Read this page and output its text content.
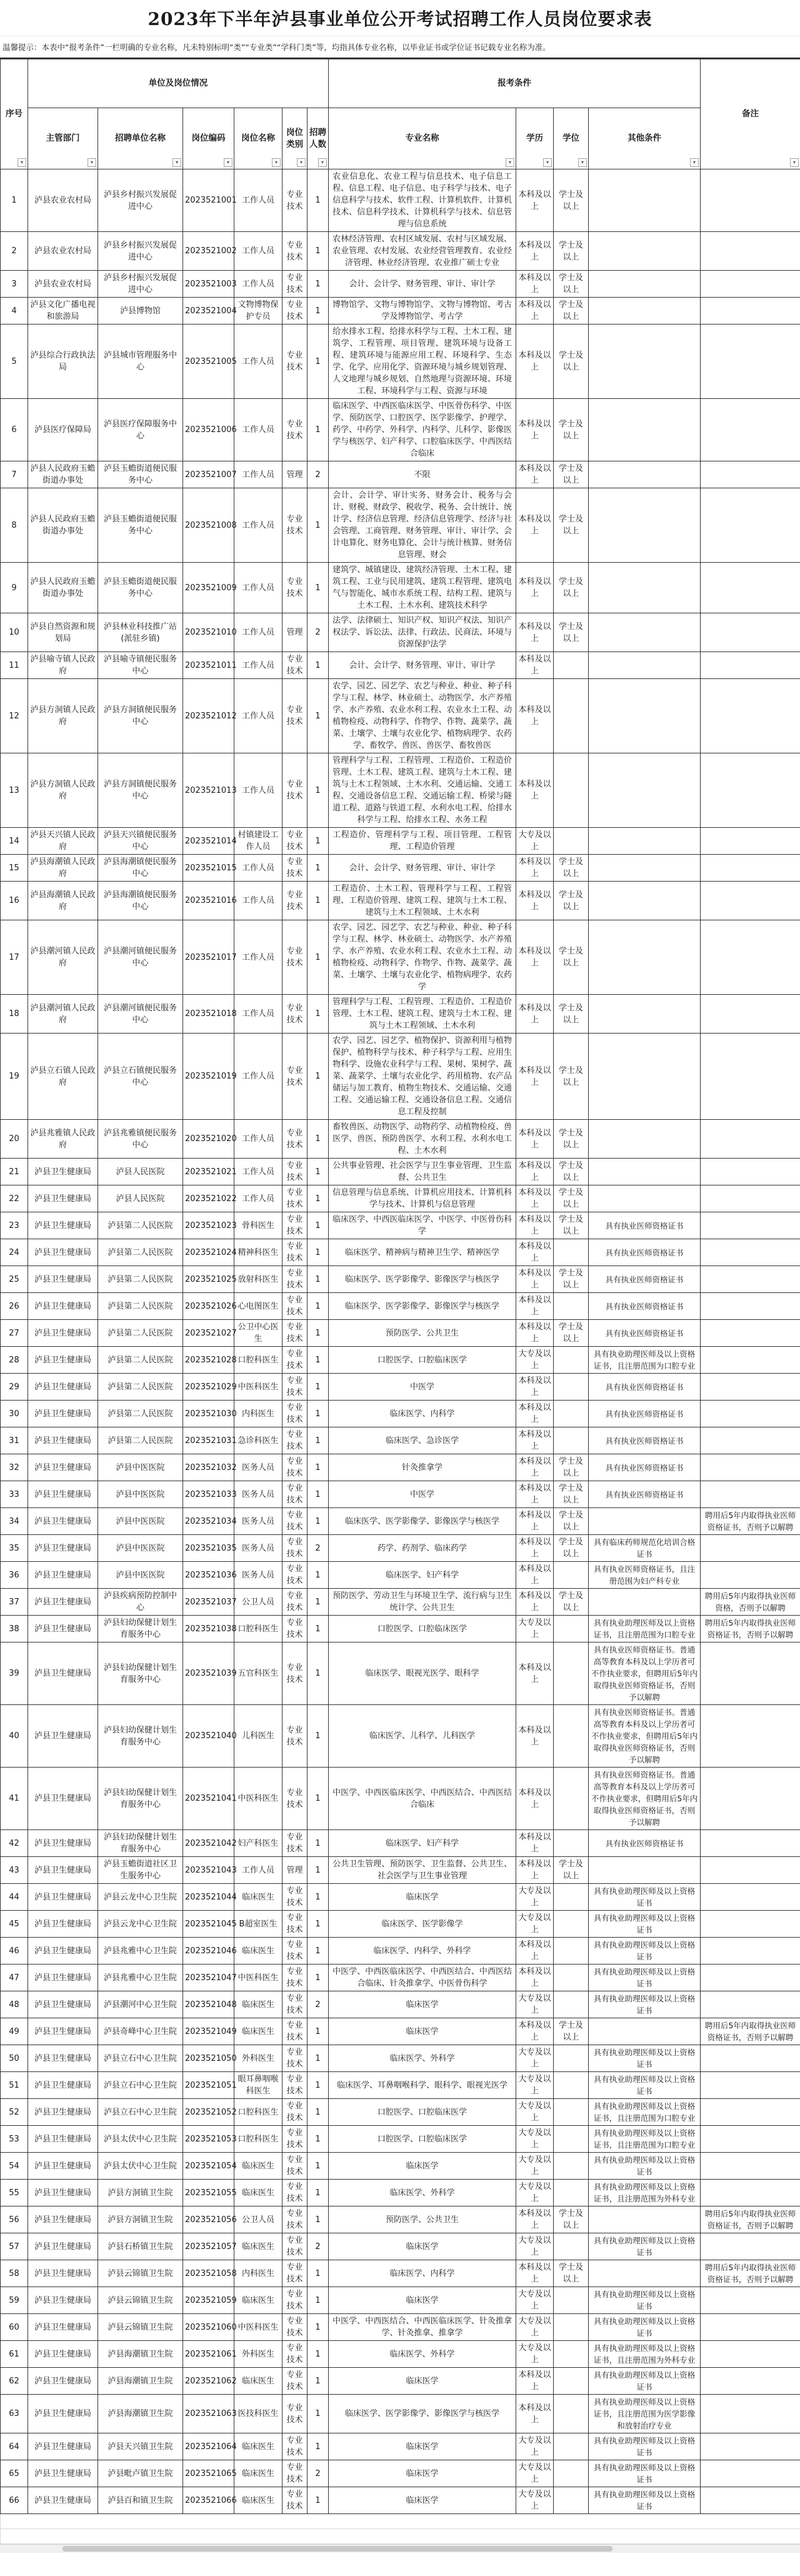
2023年下半年泸县事业单位公开考试招聘工作人员岗位要求表
温馨提示：本表中“报考条件”一栏明确的专业名称，凡未特别标明“类”“专业类”“学科门类”等，均指具体专业名称，以毕业证书或学位证书记载专业名称为准。
序号
▾	单位及岗位情况						报考条件				备注
▾

	主管部门
▾	招聘单位名称
▾	岗位编码
▾	岗位名称
▾	岗位类别
▾	招聘人数
▾	专业名称
▾	学历
▾	学位
▾	其他条件
▾	

1	泸县农业农村局	泸县乡村振兴发展促进中心	2023521001	工作人员	专业技术	1	农业信息化、农业工程与信息技术、电子信息工程、信息工程、电子信息、电子科学与技术、电子信息科学与技术、软件工程、计算机软件、计算机技术、信息科学技术、计算机科学与技术、信息管理与信息系统	本科及以上	学士及以上		
2	泸县农业农村局	泸县乡村振兴发展促进中心	2023521002	工作人员	专业技术	1	农林经济管理、农村区域发展、农村与区域发展、农业管理、农村发展、农业经营管理教育、农业经济管理、林业经济管理、农业推广硕士专业	本科及以上	学士及以上		
3	泸县农业农村局	泸县乡村振兴发展促进中心	2023521003	工作人员	专业技术	1	会计、会计学、财务管理、审计、审计学	本科及以上	学士及以上		
4	泸县文化广播电视和旅游局	泸县博物馆	2023521004	文物博物保护专员	专业技术	1	博物馆学、文物与博物馆学、文物与博物馆、考古学及博物馆学、考古学	本科及以上	学士及以上		
5	泸县综合行政执法局	泸县城市管理服务中心	2023521005	工作人员	专业技术	1	给水排水工程、给排水科学与工程、土木工程、建筑学、工程管理、项目管理、建筑环境与设备工程、建筑环境与能源应用工程、环境科学、生态学、化学、应用化学、资源环境与城乡规划管理、人文地理与城乡规划、自然地理与资源环境、环境工程、环境科学与工程、资源与环境	本科及以上	学士及以上		
6	泸县医疗保障局	泸县医疗保障服务中心	2023521006	工作人员	专业技术	1	临床医学、中西医临床医学、中医骨伤科学、中医学、预防医学、口腔医学、医学影像学、护理学、药学、中药学、外科学、内科学、儿科学、影像医学与核医学、妇产科学、口腔临床医学、中西医结合临床	本科及以上	学士及以上		
7	泸县人民政府玉蟾街道办事处	泸县玉蟾街道便民服务中心	2023521007	工作人员	管理	2	不限	本科及以上	学士及以上		
8	泸县人民政府玉蟾街道办事处	泸县玉蟾街道便民服务中心	2023521008	工作人员	专业技术	1	会计、会计学、审计实务、财务会计、税务与会计、财税、财政学、税收学、税务、会计统计、统计学、经济信息管理、经济信息管理学、经济与社会管理、工商管理、财务管理、审计、审计学、会计电算化、财务电算化、会计与统计核算、财务信息管理、财会	本科及以上	学士及以上		
9	泸县人民政府玉蟾街道办事处	泸县玉蟾街道便民服务中心	2023521009	工作人员	专业技术	1	建筑学、城镇建设、建筑经济管理、土木工程、建筑工程、工业与民用建筑、建筑工程管理、建筑电气与智能化、城市水系统工程、结构工程、建筑与土木工程、土木水利、建筑技术科学	本科及以上	学士及以上		
10	泸县自然资源和规划局	泸县林业科技推广站(派驻乡镇)	2023521010	工作人员	管理	2	法学、法律硕士、知识产权、知识产权法、知识产权法学、诉讼法、法律、行政法、民商法、环境与资源保护法学	本科及以上	学士及以上		
11	泸县喻寺镇人民政府	泸县喻寺镇便民服务中心	2023521011	工作人员	专业技术	1	会计、会计学、财务管理、审计、审计学	本科及以上			
12	泸县方洞镇人民政府	泸县方洞镇便民服务中心	2023521012	工作人员	专业技术	1	农学、园艺、园艺学、农艺与种业、种业、种子科学与工程、林学、林业硕士、动物医学、水产养殖学、水产养殖、农业水利工程、农业水土工程、动植物检疫、动物科学、作物学、作物、蔬菜学、蔬菜、土壤学、土壤与农业化学、植物病理学、农药学、畜牧学、兽医、兽医学、畜牧兽医	本科及以上			
13	泸县方洞镇人民政府	泸县方洞镇便民服务中心	2023521013	工作人员	专业技术	1	管理科学与工程、工程管理、工程造价、工程造价管理、土木工程、建筑工程、建筑与土木工程、建筑与土木工程领域、土木水利、交通运输、交通工程、交通设备信息工程、交通运输工程、桥梁与隧道工程、道路与铁道工程、水利水电工程、给排水科学与工程、给排水工程、水务工程	本科及以上			
14	泸县天兴镇人民政府	泸县天兴镇便民服务中心	2023521014	村镇建设工作人员	专业技术	1	工程造价、管理科学与工程、项目管理、工程管理、工程造价管理	大专及以上			
15	泸县海潮镇人民政府	泸县海潮镇便民服务中心	2023521015	工作人员	专业技术	1	会计、会计学、财务管理、审计、审计学	本科及以上	学士及以上		
16	泸县海潮镇人民政府	泸县海潮镇便民服务中心	2023521016	工作人员	专业技术	1	工程造价、土木工程、管理科学与工程、工程管理、工程造价管理、建筑工程、建筑与土木工程、建筑与土木工程领域、土木水利	本科及以上	学士及以上		
17	泸县潮河镇人民政府	泸县潮河镇便民服务中心	2023521017	工作人员	专业技术	1	农学、园艺、园艺学、农艺与种业、种业、种子科学与工程、林学、林业硕士、动物医学、水产养殖学、水产养殖、农业水利工程、农业水土工程、动植物检疫、动物科学、作物学、作物、蔬菜学、蔬菜、土壤学、土壤与农业化学、植物病理学、农药学	本科及以上	学士及以上		
18	泸县潮河镇人民政府	泸县潮河镇便民服务中心	2023521018	工作人员	专业技术	1	管理科学与工程、工程管理、工程造价、工程造价管理、土木工程、建筑工程、建筑与土木工程、建筑与土木工程领域、土木水利	本科及以上	学士及以上		
19	泸县立石镇人民政府	泸县立石镇便民服务中心	2023521019	工作人员	专业技术	1	农学、园艺、园艺学、植物保护、资源利用与植物保护、植物科学与技术、种子科学与工程、应用生物科学、设施农业科学与工程、果树、果树学、蔬菜、蔬菜学、土壤与农业化学、药用植物、农产品储运与加工教育、植物生物技术、交通运输、交通工程、交通运输工程、交通设备信息工程、交通信息工程及控制	本科及以上	学士及以上		
20	泸县兆雅镇人民政府	泸县兆雅镇便民服务中心	2023521020	工作人员	专业技术	1	畜牧兽医、动物医学、动物药学、动植物检疫、兽医学、兽医、预防兽医学、水利工程、水利水电工程、土木水利	本科及以上	学士及以上		
21	泸县卫生健康局	泸县人民医院	2023521021	工作人员	专业技术	1	公共事业管理、社会医学与卫生事业管理、卫生监督、公共卫生	本科及以上	学士及以上		
22	泸县卫生健康局	泸县人民医院	2023521022	工作人员	专业技术	1	信息管理与信息系统、计算机应用技术、计算机科学与技术、计算机与信息管理	本科及以上	学士及以上		
23	泸县卫生健康局	泸县第二人民医院	2023521023	骨科医生	专业技术	1	临床医学、中西医临床医学、中医学、中医骨伤科学	本科及以上	学士及以上	具有执业医师资格证书	
24	泸县卫生健康局	泸县第二人民医院	2023521024	精神科医生	专业技术	1	临床医学、精神病与精神卫生学、精神医学	本科及以上		具有执业医师资格证书	
25	泸县卫生健康局	泸县第二人民医院	2023521025	放射科医生	专业技术	1	临床医学、医学影像学、影像医学与核医学	本科及以上	学士及以上	具有执业医师资格证书	
26	泸县卫生健康局	泸县第二人民医院	2023521026	心电图医生	专业技术	1	临床医学、医学影像学、影像医学与核医学	本科及以上		具有执业医师资格证书	
27	泸县卫生健康局	泸县第二人民医院	2023521027	公卫中心医生	专业技术	1	预防医学、公共卫生	本科及以上	学士及以上	具有执业医师资格证书	
28	泸县卫生健康局	泸县第二人民医院	2023521028	口腔科医生	专业技术	1	口腔医学、口腔临床医学	大专及以上		具有执业助理医师及以上资格证书，且注册范围为口腔专业	
29	泸县卫生健康局	泸县第二人民医院	2023521029	中医科医生	专业技术	1	中医学	本科及以上		具有执业医师资格证书	
30	泸县卫生健康局	泸县第二人民医院	2023521030	内科医生	专业技术	1	临床医学、内科学	本科及以上		具有执业医师资格证书	
31	泸县卫生健康局	泸县第二人民医院	2023521031	急诊科医生	专业技术	1	临床医学、急诊医学	本科及以上		具有执业医师资格证书	
32	泸县卫生健康局	泸县中医医院	2023521032	医务人员	专业技术	1	针灸推拿学	本科及以上	学士及以上	具有执业医师资格证书	
33	泸县卫生健康局	泸县中医医院	2023521033	医务人员	专业技术	1	中医学	本科及以上	学士及以上	具有执业医师资格证书	
34	泸县卫生健康局	泸县中医医院	2023521034	医务人员	专业技术	1	临床医学、医学影像学、影像医学与核医学	本科及以上	学士及以上		聘用后5年内取得执业医师资格证书，否则予以解聘
35	泸县卫生健康局	泸县中医医院	2023521035	医务人员	专业技术	2	药学、药剂学、临床药学	本科及以上	学士及以上	具有临床药师规范化培训合格证书	
36	泸县卫生健康局	泸县中医医院	2023521036	医务人员	专业技术	1	临床医学、妇产科学	本科及以上		具有执业医师资格证书，且注册范围为妇产科专业	
37	泸县卫生健康局	泸县疾病预防控制中心	2023521037	公卫人员	专业技术	1	预防医学、劳动卫生与环境卫生学、流行病与卫生统计学、公共卫生	本科及以上	学士及以上		聘用后5年内取得执业医师资格，否则予以解聘
38	泸县卫生健康局	泸县妇幼保健计划生育服务中心	2023521038	口腔科医生	专业技术	1	口腔医学、口腔临床医学	大专及以上		具有执业助理医师及以上资格证书，且注册范围为口腔专业	聘用后5年内取得执业医师资格证书，否则予以解聘
39	泸县卫生健康局	泸县妇幼保健计划生育服务中心	2023521039	五官科医生	专业技术	1	临床医学、眼视光医学、眼科学	本科及以上		具有执业医师资格证书。普通高等教育本科及以上学历者可不作执业要求，但聘用后5年内取得执业医师资格证书，否则予以解聘	
40	泸县卫生健康局	泸县妇幼保健计划生育服务中心	2023521040	儿科医生	专业技术	1	临床医学、儿科学、儿科医学	本科及以上		具有执业医师资格证书。普通高等教育本科及以上学历者可不作执业要求，但聘用后5年内取得执业医师资格证书，否则予以解聘	
41	泸县卫生健康局	泸县妇幼保健计划生育服务中心	2023521041	中医科医生	专业技术	1	中医学、中西医临床医学、中西医结合、中西医结合临床	本科及以上		具有执业医师资格证书。普通高等教育本科及以上学历者可不作执业要求，但聘用后5年内取得执业医师资格证书，否则予以解聘	
42	泸县卫生健康局	泸县妇幼保健计划生育服务中心	2023521042	妇产科医生	专业技术	1	临床医学、妇产科学	本科及以上		具有执业医师资格证书	
43	泸县卫生健康局	泸县玉蟾街道社区卫生服务中心	2023521043	工作人员	管理	1	公共卫生管理、预防医学、卫生监督、公共卫生、社会医学与卫生事业管理	本科及以上	学士及以上		
44	泸县卫生健康局	泸县云龙中心卫生院	2023521044	临床医生	专业技术	1	临床医学	大专及以上		具有执业助理医师及以上资格证书	
45	泸县卫生健康局	泸县云龙中心卫生院	2023521045	B超室医生	专业技术	1	临床医学、医学影像学	大专及以上		具有执业助理医师及以上资格证书	
46	泸县卫生健康局	泸县兆雅中心卫生院	2023521046	临床医生	专业技术	1	临床医学、内科学、外科学	本科及以上		具有执业助理医师及以上资格证书	
47	泸县卫生健康局	泸县兆雅中心卫生院	2023521047	中医科医生	专业技术	1	中医学、中西医临床医学、中西医结合、中西医结合临床、针灸推拿学、中医骨伤科学	本科及以上		具有执业助理医师及以上资格证书	
48	泸县卫生健康局	泸县潮河中心卫生院	2023521048	临床医生	专业技术	2	临床医学	大专及以上		具有执业助理医师及以上资格证书	
49	泸县卫生健康局	泸县奇峰中心卫生院	2023521049	临床医生	专业技术	1	临床医学	本科及以上	学士及以上		聘用后5年内取得执业医师资格证书，否则予以解聘
50	泸县卫生健康局	泸县立石中心卫生院	2023521050	外科医生	专业技术	1	临床医学、外科学	大专及以上		具有执业助理医师及以上资格证书	
51	泸县卫生健康局	泸县立石中心卫生院	2023521051	眼耳鼻咽喉科医生	专业技术	1	临床医学、耳鼻咽喉科学、眼科学、眼视光医学	大专及以上		具有执业助理医师及以上资格证书	
52	泸县卫生健康局	泸县立石中心卫生院	2023521052	口腔科医生	专业技术	1	口腔医学、口腔临床医学	大专及以上		具有执业助理医师及以上资格证书，且注册范围为口腔专业	
53	泸县卫生健康局	泸县太伏中心卫生院	2023521053	口腔科医生	专业技术	1	口腔医学、口腔临床医学	大专及以上		具有执业助理医师及以上资格证书，且注册范围为口腔专业	
54	泸县卫生健康局	泸县太伏中心卫生院	2023521054	临床医生	专业技术	1	临床医学	大专及以上		具有执业助理医师及以上资格证书	
55	泸县卫生健康局	泸县方洞镇卫生院	2023521055	临床医生	专业技术	1	临床医学、外科学	大专及以上		具有执业助理医师及以上资格证书，且注册范围为外科专业	
56	泸县卫生健康局	泸县方洞镇卫生院	2023521056	公卫人员	专业技术	1	预防医学、公共卫生	本科及以上	学士及以上		聘用后5年内取得执业医师资格证书，否则予以解聘
57	泸县卫生健康局	泸县石桥镇卫生院	2023521057	临床医生	专业技术	2	临床医学	大专及以上		具有执业助理医师及以上资格证书	
58	泸县卫生健康局	泸县云锦镇卫生院	2023521058	内科医生	专业技术	1	临床医学、内科学	本科及以上	学士及以上		聘用后5年内取得执业医师资格证书，否则予以解聘
59	泸县卫生健康局	泸县云锦镇卫生院	2023521059	临床医生	专业技术	1	临床医学	大专及以上		具有执业助理医师及以上资格证书	
60	泸县卫生健康局	泸县云锦镇卫生院	2023521060	中医科医生	专业技术	1	中医学、中西医结合、中西医临床医学、针灸推拿学、针灸推拿、推拿学	大专及以上		具有执业助理医师及以上资格证书	
61	泸县卫生健康局	泸县海潮镇卫生院	2023521061	外科医生	专业技术	1	临床医学、外科学	大专及以上		具有执业助理医师及以上资格证书，且注册范围为外科专业	
62	泸县卫生健康局	泸县海潮镇卫生院	2023521062	临床医生	专业技术	1	临床医学	本科及以上		具有执业助理医师及以上资格证书	
63	泸县卫生健康局	泸县海潮镇卫生院	2023521063	医技科医生	专业技术	1	临床医学、医学影像学、影像医学与核医学	本科及以上		具有执业助理医师及以上资格证书，且注册范围为医学影像和放射治疗专业	
64	泸县卫生健康局	泸县天兴镇卫生院	2023521064	临床医生	专业技术	1	临床医学	大专及以上		具有执业助理医师及以上资格证书	
65	泸县卫生健康局	泸县毗卢镇卫生院	2023521065	临床医生	专业技术	2	临床医学	大专及以上		具有执业助理医师及以上资格证书	
66	泸县卫生健康局	泸县百和镇卫生院	2023521066	临床医生	专业技术	1	临床医学	大专及以上		具有执业助理医师及以上资格证书	
